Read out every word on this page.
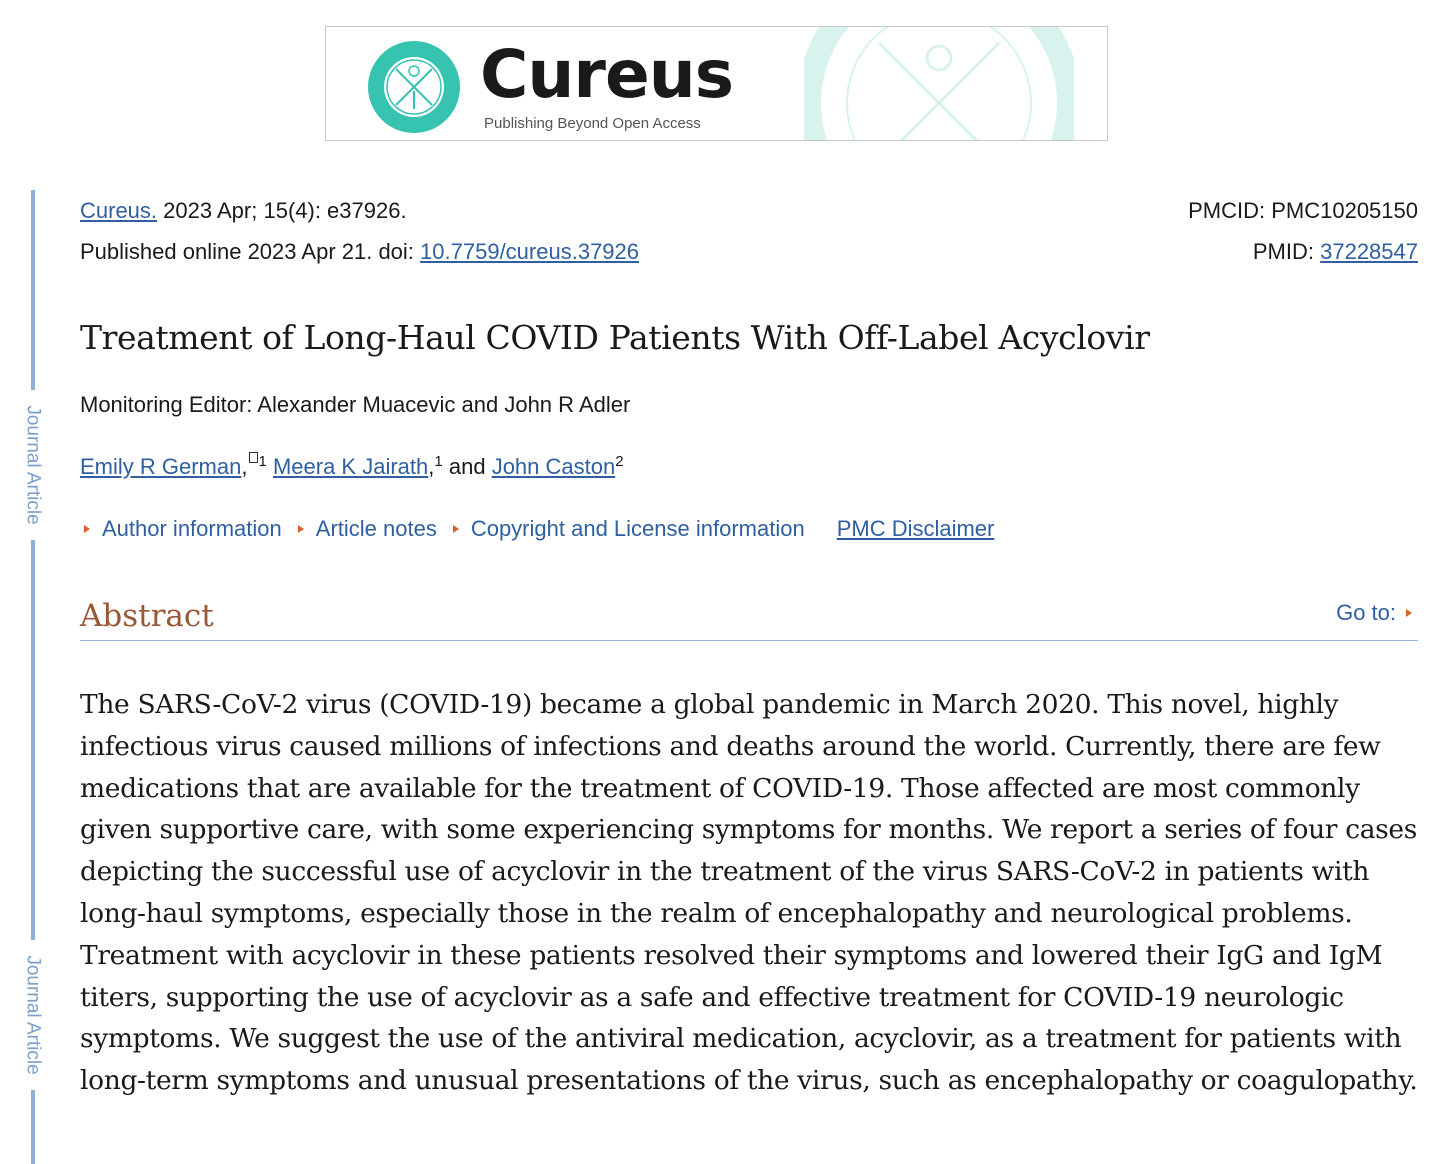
Cureus
Publishing Beyond Open Access
Journal Article
Journal Article
Cureus. 2023 Apr; 15(4): e37926.
Published online 2023 Apr 21. doi: 10.7759/cureus.37926
PMCID: PMC10205150
PMID: 37228547
Treatment of Long-Haul COVID Patients With Off-Label Acyclovir
Monitoring Editor: Alexander Muacevic and John R Adler
Emily R German, $^1$ Meera K Jairath,$^1$ and John Caston$^2$
Author information Article notes Copyright and License information PMC Disclaimer
Abstract	Go to:

The SARS-CoV-2 virus (COVID-19) became a global pandemic in March 2020. This novel, highly infectious virus caused millions of infections and deaths around the world. Currently, there are few medications that are available for the treatment of COVID-19. Those affected are most commonly given supportive care, with some experiencing symptoms for months. We report a series of four cases depicting the successful use of acyclovir in the treatment of the virus SARS-CoV-2 in patients with long-haul symptoms, especially those in the realm of encephalopathy and neurological problems. Treatment with acyclovir in these patients resolved their symptoms and lowered their IgG and IgM titers, supporting the use of acyclovir as a safe and effective treatment for COVID-19 neurologic symptoms. We suggest the use of the antiviral medication, acyclovir, as a treatment for patients with long-term symptoms and unusual presentations of the virus, such as encephalopathy or coagulopathy.
